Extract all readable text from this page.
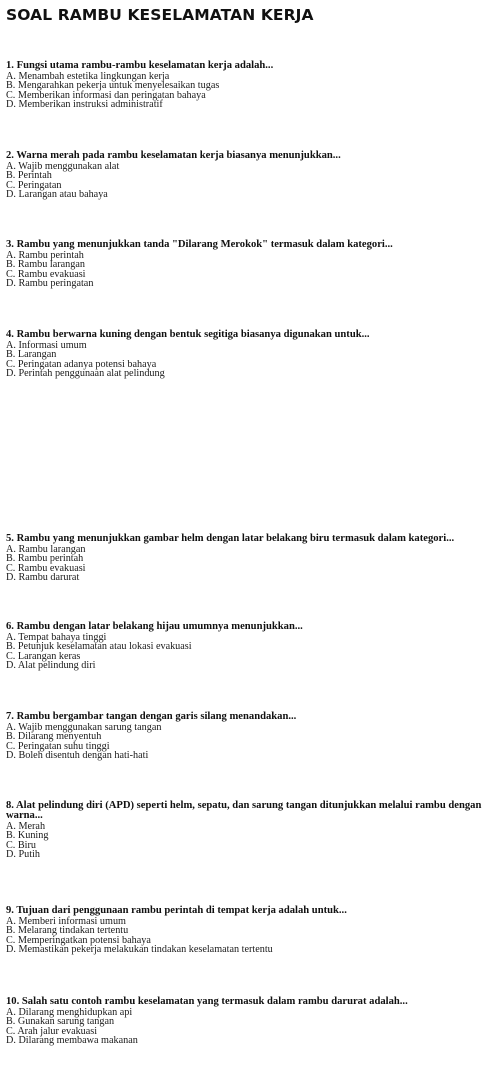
SOAL RAMBU KESELAMATAN KERJA
1. Fungsi utama rambu-rambu keselamatan kerja adalah...
A. Menambah estetika lingkungan kerja
B. Mengarahkan pekerja untuk menyelesaikan tugas
C. Memberikan informasi dan peringatan bahaya
D. Memberikan instruksi administratif
2. Warna merah pada rambu keselamatan kerja biasanya menunjukkan...
A. Wajib menggunakan alat
B. Perintah
C. Peringatan
D. Larangan atau bahaya
3. Rambu yang menunjukkan tanda "Dilarang Merokok" termasuk dalam kategori...
A. Rambu perintah
B. Rambu larangan
C. Rambu evakuasi
D. Rambu peringatan
4. Rambu berwarna kuning dengan bentuk segitiga biasanya digunakan untuk...
A. Informasi umum
B. Larangan
C. Peringatan adanya potensi bahaya
D. Perintah penggunaan alat pelindung
5. Rambu yang menunjukkan gambar helm dengan latar belakang biru termasuk dalam kategori...
A. Rambu larangan
B. Rambu perintah
C. Rambu evakuasi
D. Rambu darurat
6. Rambu dengan latar belakang hijau umumnya menunjukkan...
A. Tempat bahaya tinggi
B. Petunjuk keselamatan atau lokasi evakuasi
C. Larangan keras
D. Alat pelindung diri
7. Rambu bergambar tangan dengan garis silang menandakan...
A. Wajib menggunakan sarung tangan
B. Dilarang menyentuh
C. Peringatan suhu tinggi
D. Boleh disentuh dengan hati-hati
8. Alat pelindung diri (APD) seperti helm, sepatu, dan sarung tangan ditunjukkan melalui rambu dengan warna...
A. Merah
B. Kuning
C. Biru
D. Putih
9. Tujuan dari penggunaan rambu perintah di tempat kerja adalah untuk...
A. Memberi informasi umum
B. Melarang tindakan tertentu
C. Memperingatkan potensi bahaya
D. Memastikan pekerja melakukan tindakan keselamatan tertentu
10. Salah satu contoh rambu keselamatan yang termasuk dalam rambu darurat adalah...
A. Dilarang menghidupkan api
B. Gunakan sarung tangan
C. Arah jalur evakuasi
D. Dilarang membawa makanan
